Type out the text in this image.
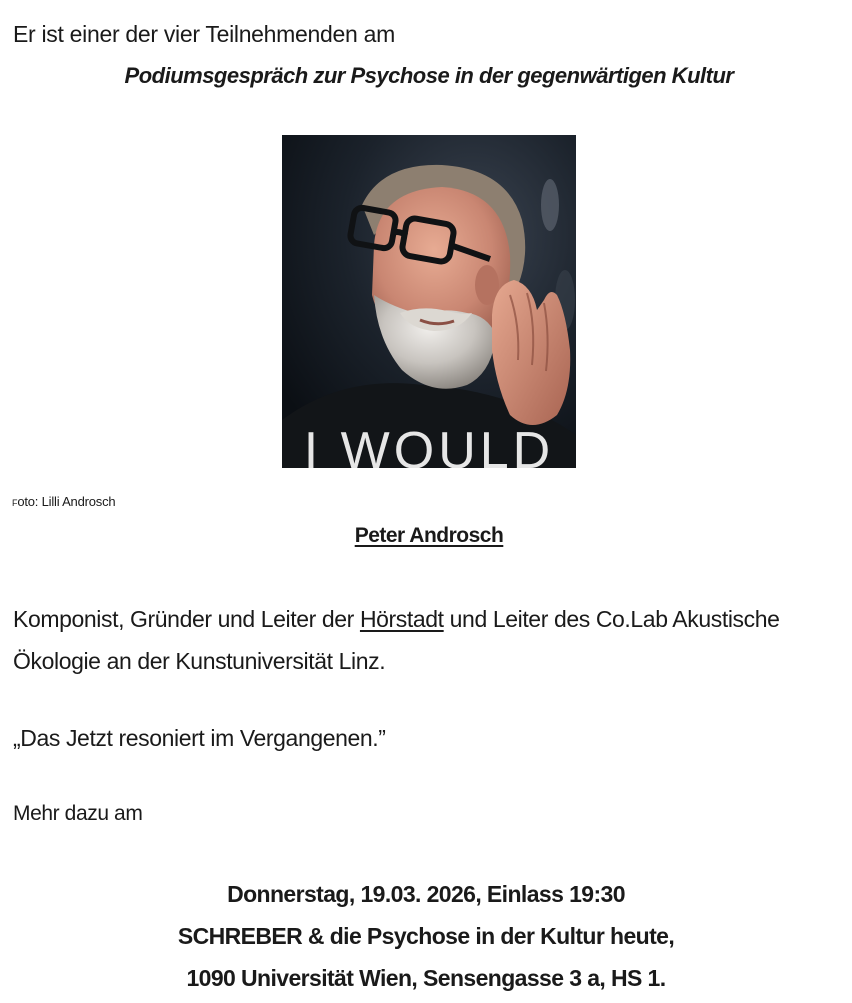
Er ist einer der vier Teilnehmenden am

Podiumsgespräch zur Psychose in der gegenwärtigen Kultur

I WOULD

Foto: Lilli Androsch

Peter Androsch

Komponist, Gründer und Leiter der Hörstadt und Leiter des Co.Lab Akustische Ökologie an der Kunstuniversität Linz.

„Das Jetzt resoniert im Vergangenen.”

Mehr dazu am

Donnerstag, 19.03. 2026, Einlass 19:30
SCHREBER & die Psychose in der Kultur heute,
1090 Universität Wien, Sensengasse 3 a, HS 1.
